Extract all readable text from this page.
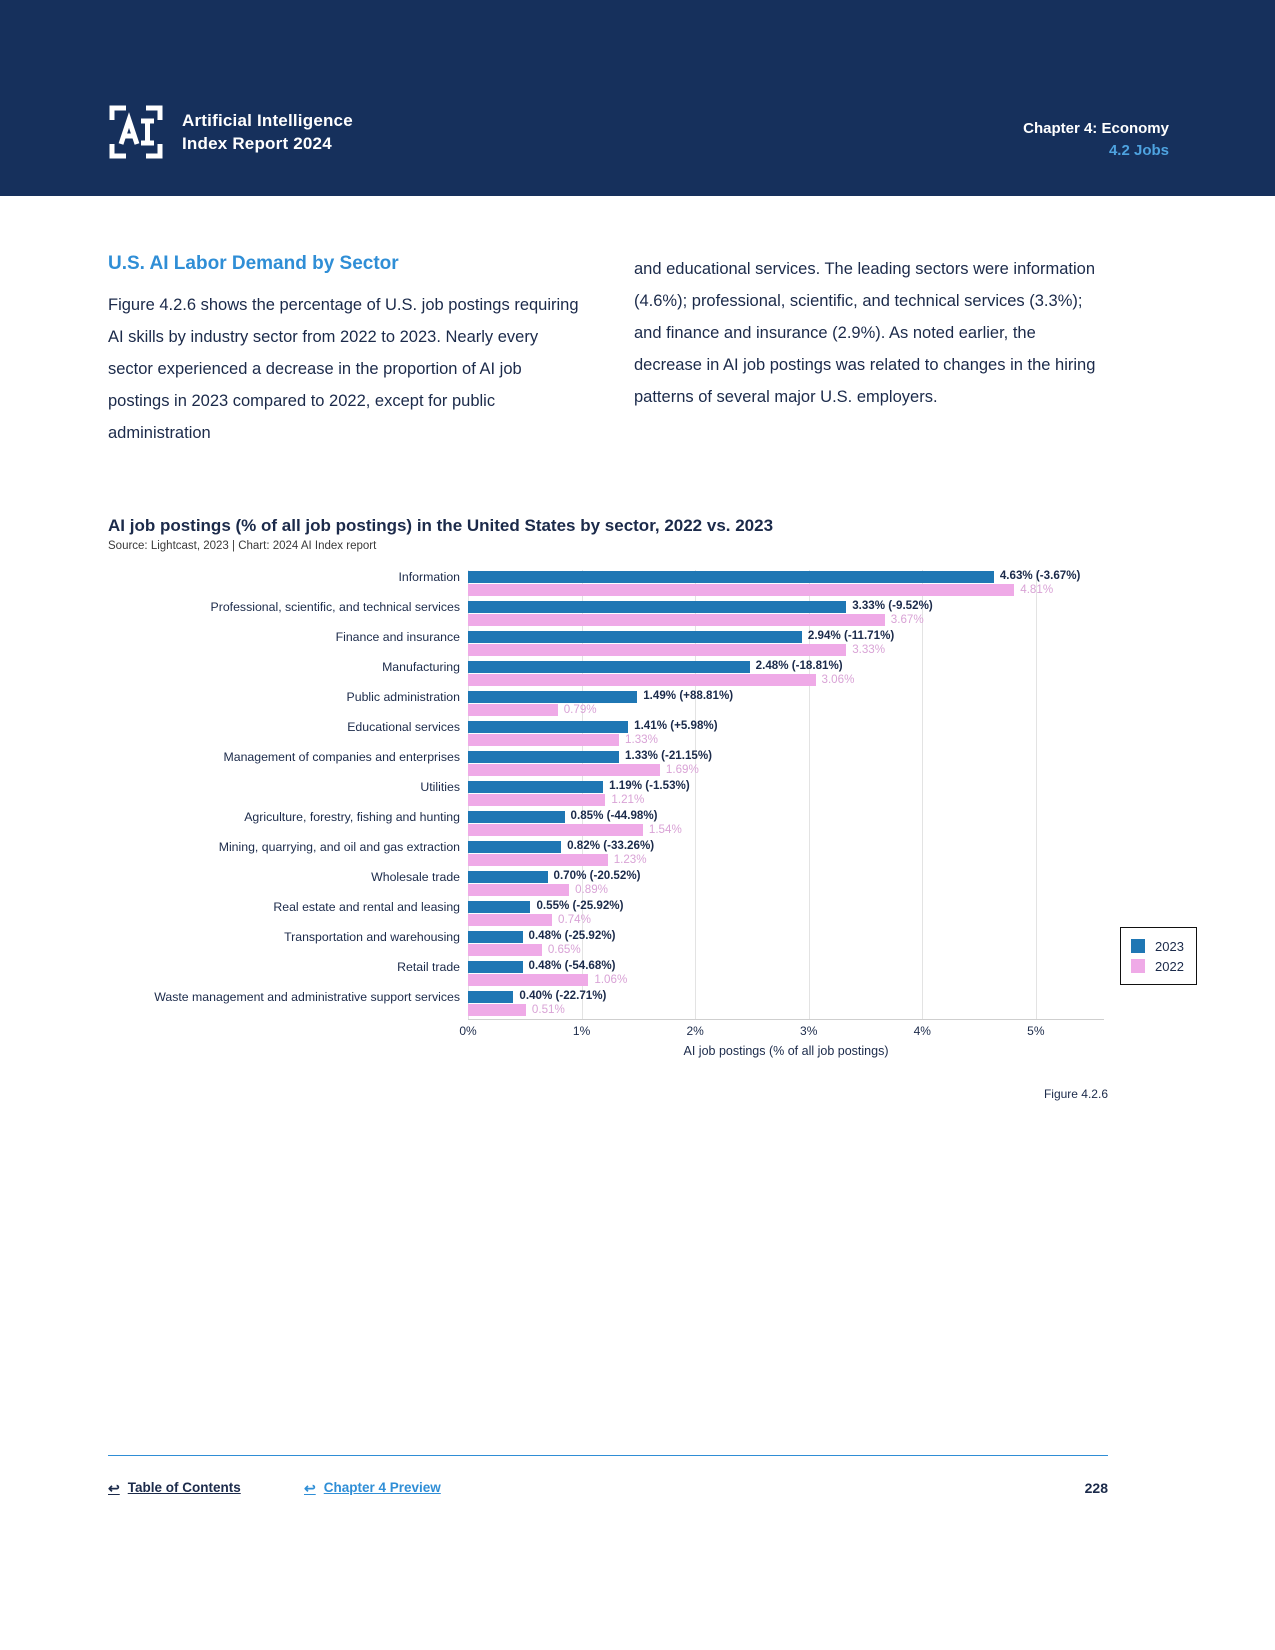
Artificial Intelligence
Index Report 2024
Chapter 4: Economy
4.2 Jobs
U.S. AI Labor Demand by Sector

Figure 4.2.6 shows the percentage of U.S. job postings requiring AI skills by industry sector from 2022 to 2023. Nearly every sector experienced a decrease in the proportion of AI job postings in 2023 compared to 2022, except for public administration

and educational services. The leading sectors were information (4.6%); professional, scientific, and technical services (3.3%); and finance and insurance (2.9%). As noted earlier, the decrease in AI job postings was related to changes in the hiring patterns of several major U.S. employers.

AI job postings (% of all job postings) in the United States by sector, 2022 vs. 2023
Source: Lightcast, 2023 | Chart: 2024 AI Index report
Information	4.63% (-3.67%)
4.81%
Professional, scientific, and technical services	3.33% (-9.52%)
3.67%
Finance and insurance	2.94% (-11.71%)
3.33%
Manufacturing	2.48% (-18.81%)
3.06%
Public administration	1.49% (+88.81%)
0.79%
Educational services	1.41% (+5.98%)
1.33%
Management of companies and enterprises	1.33% (-21.15%)
1.69%
Utilities	1.19% (-1.53%)
1.21%
Agriculture, forestry, fishing and hunting	0.85% (-44.98%)
1.54%
Mining, quarrying, and oil and gas extraction	0.82% (-33.26%)
1.23%
Wholesale trade	0.70% (-20.52%)
0.89%
Real estate and rental and leasing	0.55% (-25.92%)
0.74%
Transportation and warehousing	0.48% (-25.92%)
0.65%
Retail trade	0.48% (-54.68%)
1.06%
Waste management and administrative support services	0.40% (-22.71%)
0.51%
0%	1%	2%	3%	4%	5%
AI job postings (% of all job postings)
2023
2022
Figure 4.2.6
↩ Table of Contents	↩ Chapter 4 Preview	228
